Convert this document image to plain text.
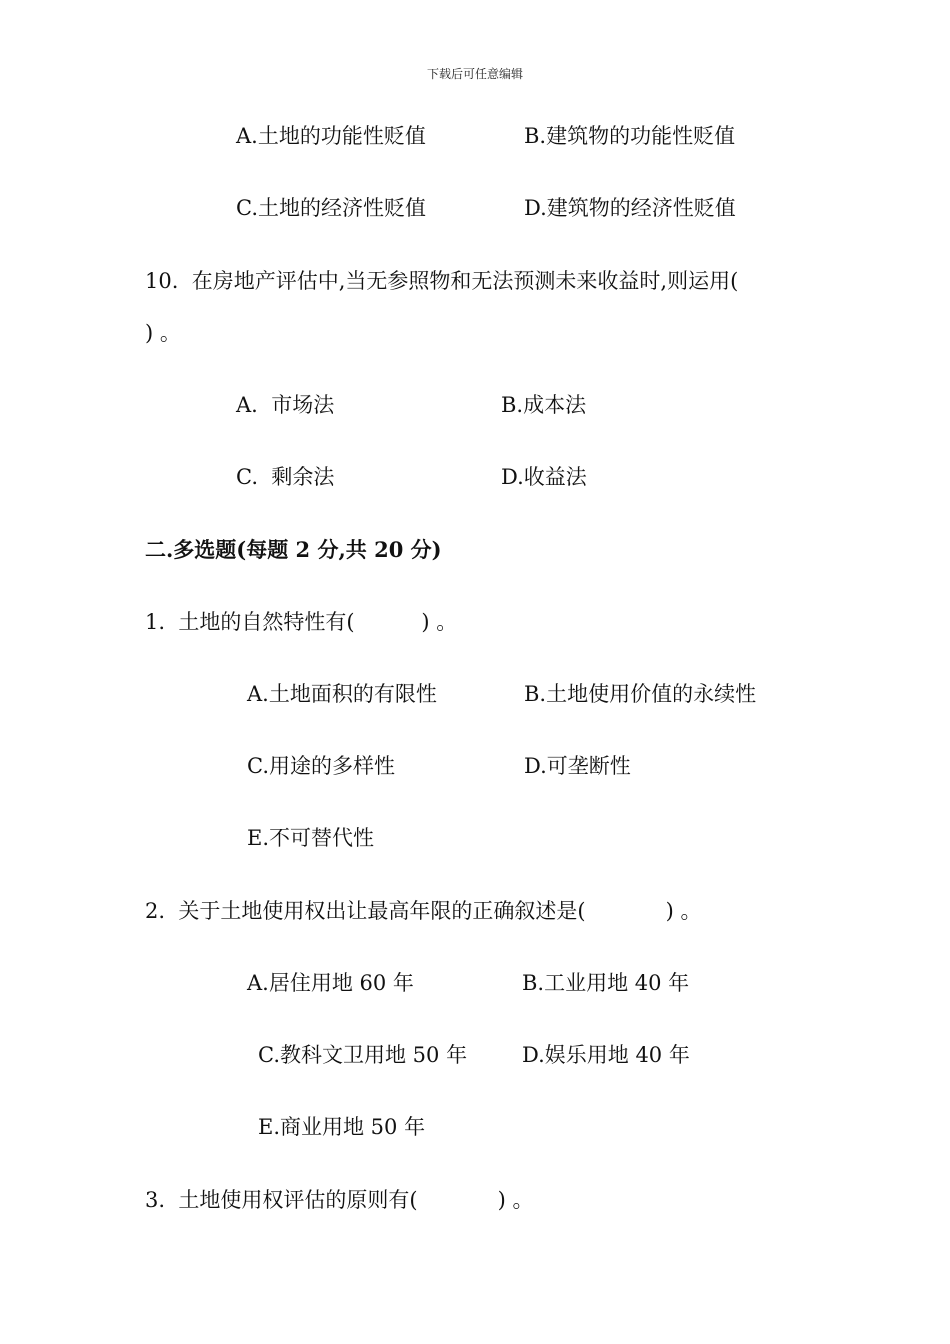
下载后可任意编辑
A.土地的功能性贬值	B.建筑物的功能性贬值
C.土地的经济性贬值	D.建筑物的经济性贬值
10.  在房地产评估中,当无参照物和无法预测未来收益时,则运用(
) 。
A.  市场法	B.成本法
C.  剩余法	D.收益法
二.多选题(每题 2 分,共 20 分)
1.  土地的自然特性有(          ) 。
A.土地面积的有限性	B.土地使用价值的永续性
C.用途的多样性	D.可垄断性
E.不可替代性
2.  关于土地使用权出让最高年限的正确叙述是(            ) 。
A.居住用地 60 年	B.工业用地 40 年
C.教科文卫用地 50 年	D.娱乐用地 40 年
E.商业用地 50 年
3.  土地使用权评估的原则有(            ) 。
